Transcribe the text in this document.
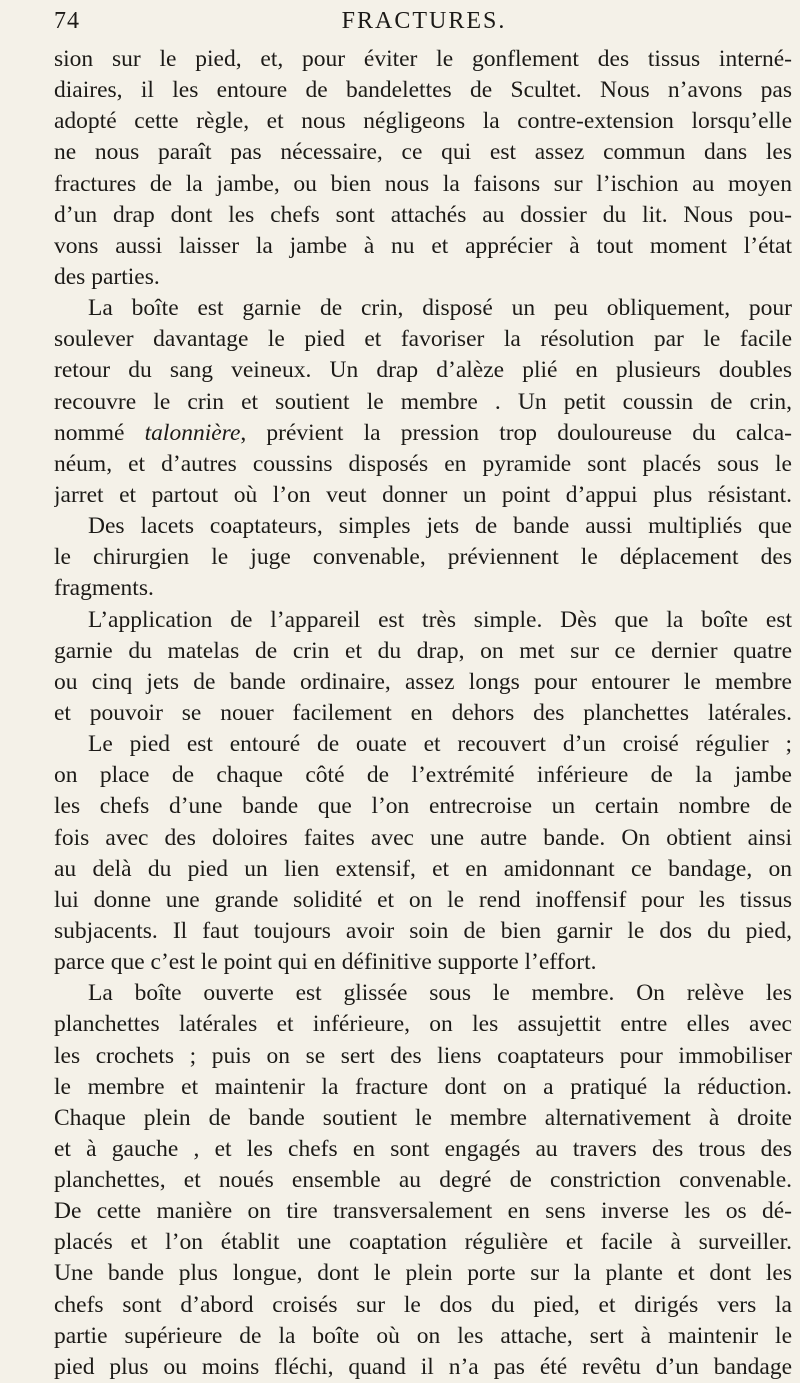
74	FRACTURES.
sion sur le pied, et, pour éviter le gonflement des tissus interné-
diaires, il les entoure de bandelettes de Scultet. Nous n’avons pas
adopté cette règle, et nous négligeons la contre-extension lorsqu’elle
ne nous paraît pas nécessaire, ce qui est assez commun dans les
fractures de la jambe, ou bien nous la faisons sur l’ischion au moyen
d’un drap dont les chefs sont attachés au dossier du lit. Nous pou-
vons aussi laisser la jambe à nu et apprécier à tout moment l’état
des parties.
La boîte est garnie de crin, disposé un peu obliquement, pour
soulever davantage le pied et favoriser la résolution par le facile
retour du sang veineux. Un drap d’alèze plié en plusieurs doubles
recouvre le crin et soutient le membre . Un petit coussin de crin,
nommé talonnière, prévient la pression trop douloureuse du calca-
néum, et d’autres coussins disposés en pyramide sont placés sous le
jarret et partout où l’on veut donner un point d’appui plus résistant.
Des lacets coaptateurs, simples jets de bande aussi multipliés que
le chirurgien le juge convenable, préviennent le déplacement des
fragments.
L’application de l’appareil est très simple. Dès que la boîte est
garnie du matelas de crin et du drap, on met sur ce dernier quatre
ou cinq jets de bande ordinaire, assez longs pour entourer le membre
et pouvoir se nouer facilement en dehors des planchettes latérales.
Le pied est entouré de ouate et recouvert d’un croisé régulier ;
on place de chaque côté de l’extrémité inférieure de la jambe
les chefs d’une bande que l’on entrecroise un certain nombre de
fois avec des doloires faites avec une autre bande. On obtient ainsi
au delà du pied un lien extensif, et en amidonnant ce bandage, on
lui donne une grande solidité et on le rend inoffensif pour les tissus
subjacents. Il faut toujours avoir soin de bien garnir le dos du pied,
parce que c’est le point qui en définitive supporte l’effort.
La boîte ouverte est glissée sous le membre. On relève les
planchettes latérales et inférieure, on les assujettit entre elles avec
les crochets ; puis on se sert des liens coaptateurs pour immobiliser
le membre et maintenir la fracture dont on a pratiqué la réduction.
Chaque plein de bande soutient le membre alternativement à droite
et à gauche , et les chefs en sont engagés au travers des trous des
planchettes, et noués ensemble au degré de constriction convenable.
De cette manière on tire transversalement en sens inverse les os dé-
placés et l’on établit une coaptation régulière et facile à surveiller.
Une bande plus longue, dont le plein porte sur la plante et dont les
chefs sont d’abord croisés sur le dos du pied, et dirigés vers la
partie supérieure de la boîte où on les attache, sert à maintenir le
pied plus ou moins fléchi, quand il n’a pas été revêtu d’un bandage
